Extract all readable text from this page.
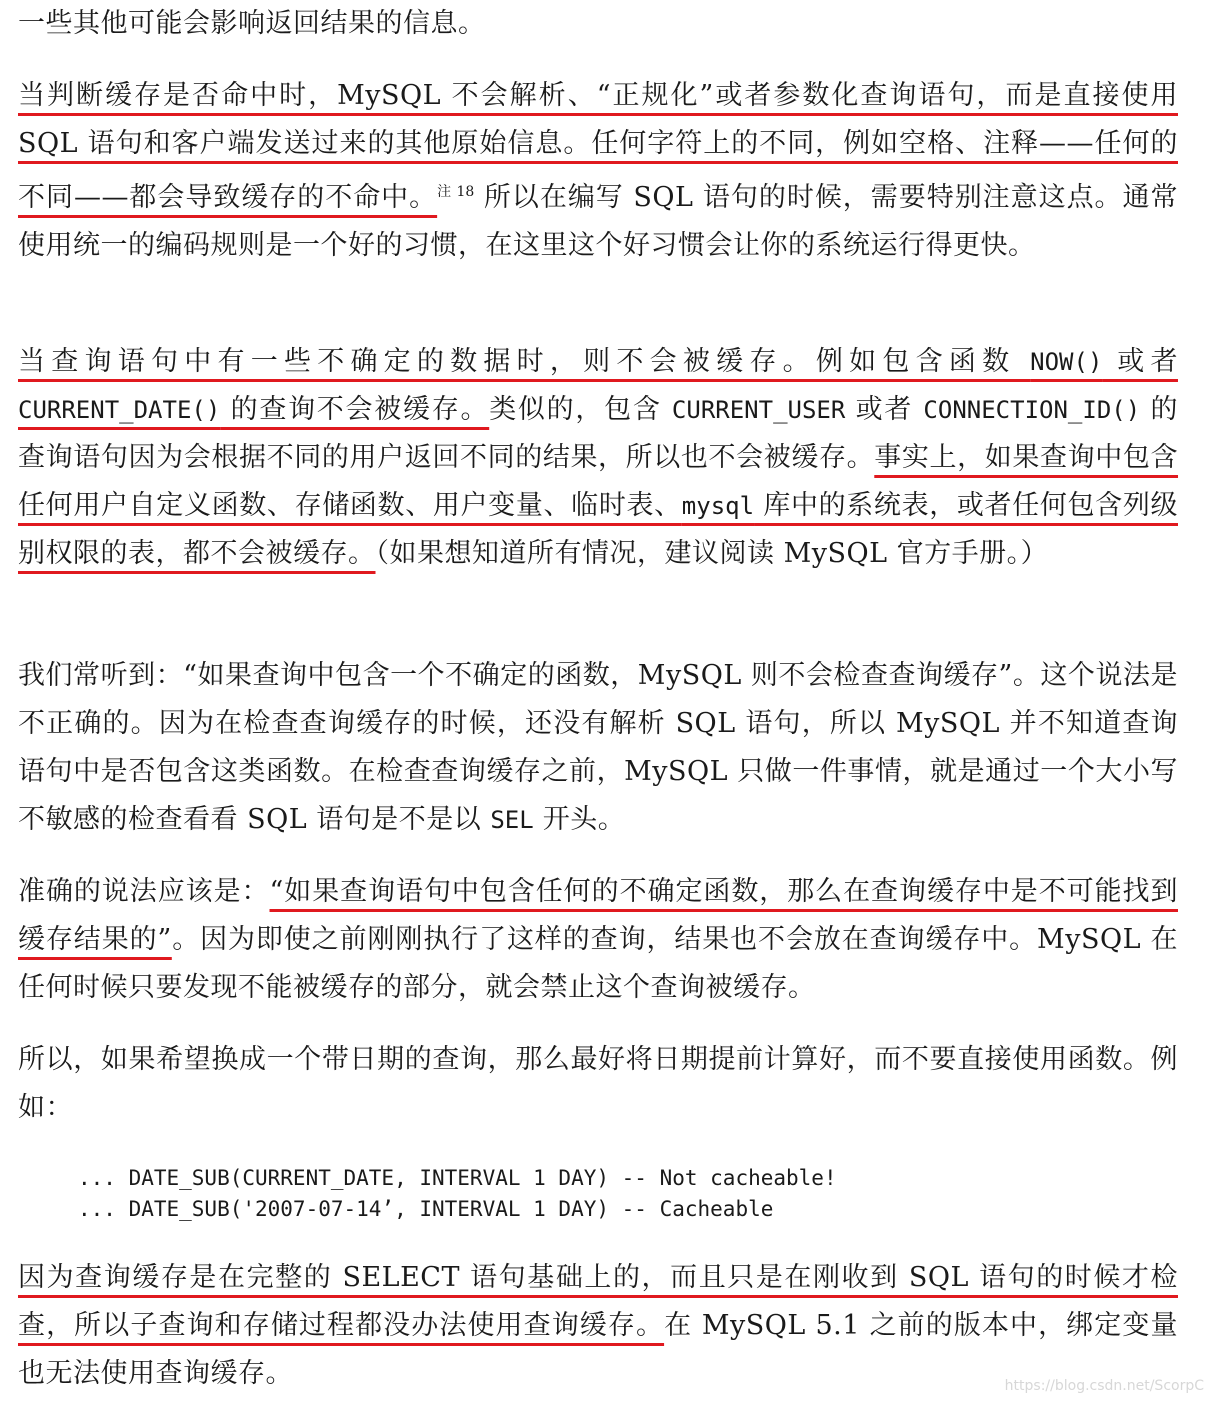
一些其他可能会影响返回结果的信息。

当判断缓存是否命中时，MySQL 不会解析、“正规化”或者参数化查询语句，而是直接使用 SQL 语句和客户端发送过来的其他原始信息。任何字符上的不同，例如空格、注释——任何的不同——都会导致缓存的不命中。$^{注 18}$ 所以在编写 SQL 语句的时候，需要特别注意这点。通常使用统一的编码规则是一个好的习惯，在这里这个好习惯会让你的系统运行得更快。

当查询语句中有一些不确定的数据时，则不会被缓存。例如包含函数 NOW() 或者 CURRENT_DATE() 的查询不会被缓存。类似的，包含 CURRENT_USER 或者 CONNECTION_ID() 的查询语句因为会根据不同的用户返回不同的结果，所以也不会被缓存。事实上，如果查询中包含任何用户自定义函数、存储函数、用户变量、临时表、mysql 库中的系统表，或者任何包含列级别权限的表，都不会被缓存。（如果想知道所有情况，建议阅读 MySQL 官方手册。）

我们常听到：“如果查询中包含一个不确定的函数，MySQL 则不会检查查询缓存”。这个说法是不正确的。因为在检查查询缓存的时候，还没有解析 SQL 语句，所以 MySQL 并不知道查询语句中是否包含这类函数。在检查查询缓存之前，MySQL 只做一件事情，就是通过一个大小写不敏感的检查看看 SQL 语句是不是以 SEL 开头。

准确的说法应该是：“如果查询语句中包含任何的不确定函数，那么在查询缓存中是不可能找到缓存结果的”。因为即使之前刚刚执行了这样的查询，结果也不会放在查询缓存中。MySQL 在任何时候只要发现不能被缓存的部分，就会禁止这个查询被缓存。

所以，如果希望换成一个带日期的查询，那么最好将日期提前计算好，而不要直接使用函数。例如：

... DATE_SUB(CURRENT_DATE, INTERVAL 1 DAY) -- Not cacheable!
... DATE_SUB('2007-07-14’, INTERVAL 1 DAY) -- Cacheable

因为查询缓存是在完整的 SELECT 语句基础上的，而且只是在刚收到 SQL 语句的时候才检查，所以子查询和存储过程都没办法使用查询缓存。在 MySQL 5.1 之前的版本中，绑定变量也无法使用查询缓存。	https://blog.csdn.net/ScorpC
